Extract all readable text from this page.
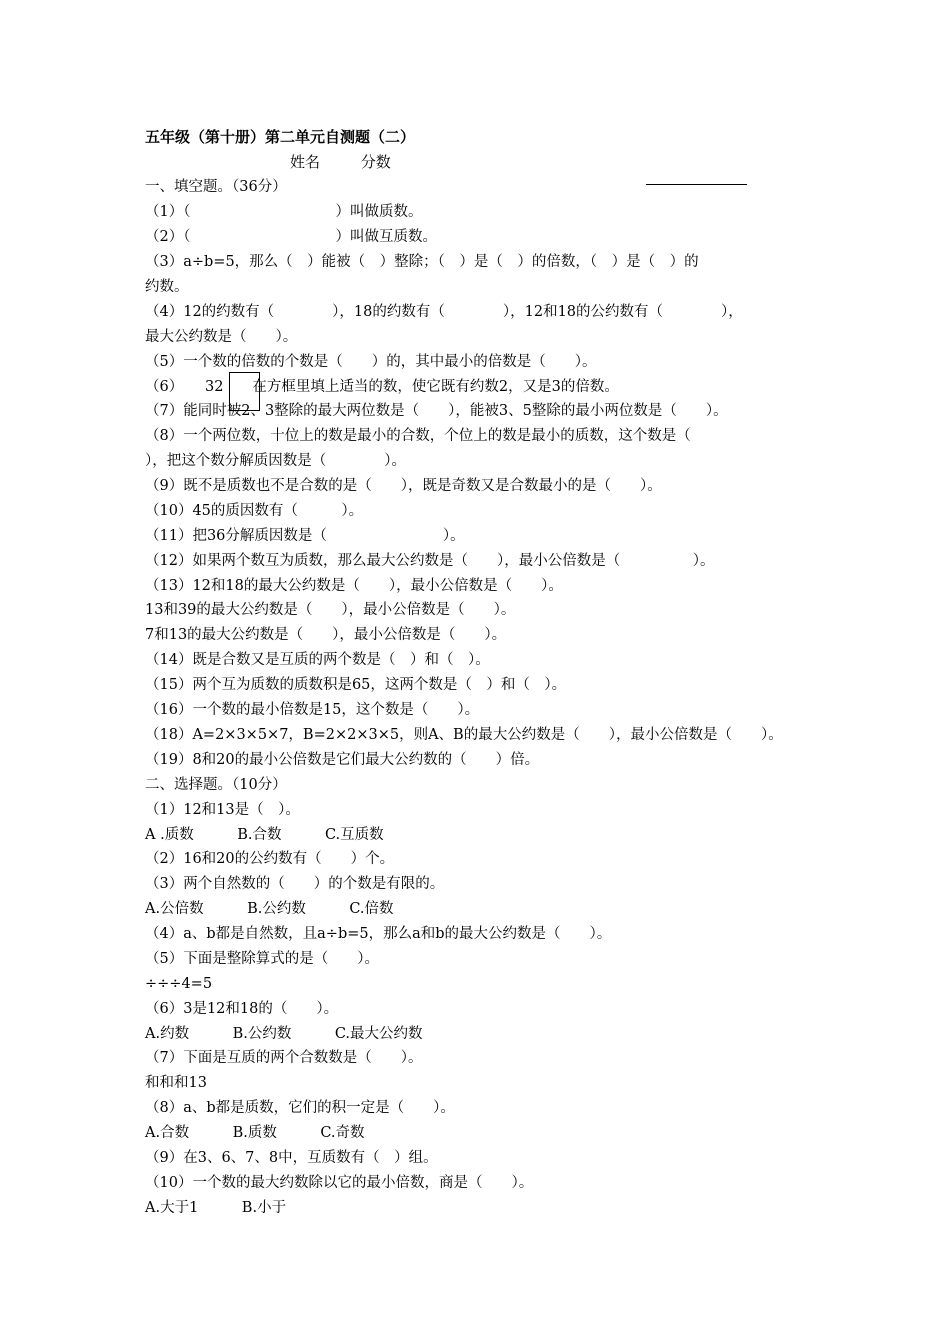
五年级（第十册）第二单元自测题（二）
姓名	分数
一、填空题。（36分）
（1）（　　　　　　　　　　）叫做质数。
（2）（　　　　　　　　　　）叫做互质数。
（3）a÷b=5，那么（　）能被（　）整除；（　）是（　）的倍数，（　）是（　）的
约数。
（4）12的约数有（　　　　），18的约数有（　　　　），12和18的公约数有（　　　　），
最大公约数是（　　）。
（5）一个数的倍数的个数是（　　）的，其中最小的倍数是（　　）。
（6）　　32　　在方框里填上适当的数，使它既有约数2，又是3的倍数。
（7）能同时被2、3整除的最大两位数是（　　），能被3、5整除的最小两位数是（　　）。
（8）一个两位数，十位上的数是最小的合数，个位上的数是最小的质数，这个数是（
），把这个数分解质因数是（　　　　）。
（9）既不是质数也不是合数的是（　　），既是奇数又是合数最小的是（　　）。
（10）45的质因数有（　　　）。
（11）把36分解质因数是（　　　　　　　　）。
（12）如果两个数互为质数，那么最大公约数是（　　），最小公倍数是（　　　　　）。
（13）12和18的最大公约数是（　　），最小公倍数是（　　）。
13和39的最大公约数是（　　），最小公倍数是（　　）。
7和13的最大公约数是（　　），最小公倍数是（　　）。
（14）既是合数又是互质的两个数是（　）和（　）。
（15）两个互为质数的质数积是65，这两个数是（　）和（　）。
（16）一个数的最小倍数是15，这个数是（　　）。
（18）A=2×3×5×7，B=2×2×3×5，则A、B的最大公约数是（　　），最小公倍数是（　　）。
（19）8和20的最小公倍数是它们最大公约数的（　　）倍。
二、选择题。（10分）
（1）12和13是（　）。
A .质数　　　B.合数　　　C.互质数
（2）16和20的公约数有（　　）个。
（3）两个自然数的（　　）的个数是有限的。
A.公倍数　　　B.公约数　　　C.倍数
（4）a、b都是自然数，且a÷b=5，那么a和b的最大公约数是（　　）。
（5）下面是整除算式的是（　　）。
÷÷÷4=5
（6）3是12和18的（　　）。
A.约数　　　B.公约数　　　C.最大公约数
（7）下面是互质的两个合数数是（　　）。
和和和13
（8）a、b都是质数，它们的积一定是（　　）。
A.合数　　　B.质数　　　C.奇数
（9）在3、6、7、8中，互质数有（　）组。
（10）一个数的最大约数除以它的最小倍数，商是（　　）。
A.大于1　　　B.小于
